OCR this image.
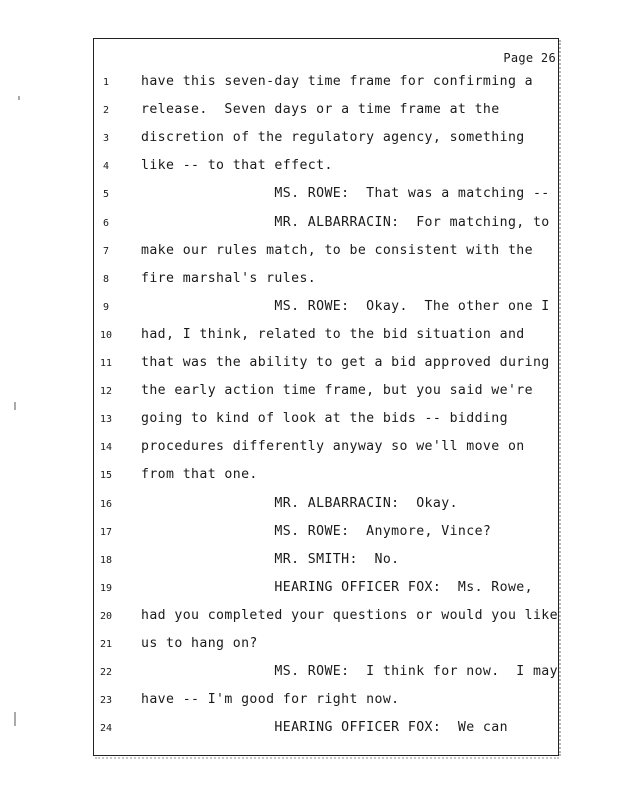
Page 26
1	have this seven-day time frame for confirming a
2	release.  Seven days or a time frame at the
3	discretion of the regulatory agency, something
4	like -- to that effect.
5	MS. ROWE:  That was a matching --
6	MR. ALBARRACIN:  For matching, to
7	make our rules match, to be consistent with the
8	fire marshal's rules.
9	MS. ROWE:  Okay.  The other one I
10	had, I think, related to the bid situation and
11	that was the ability to get a bid approved during
12	the early action time frame, but you said we're
13	going to kind of look at the bids -- bidding
14	procedures differently anyway so we'll move on
15	from that one.
16	MR. ALBARRACIN:  Okay.
17	MS. ROWE:  Anymore, Vince?
18	MR. SMITH:  No.
19	HEARING OFFICER FOX:  Ms. Rowe,
20	had you completed your questions or would you like
21	us to hang on?
22	MS. ROWE:  I think for now.  I may
23	have -- I'm good for right now.
24	HEARING OFFICER FOX:  We can
